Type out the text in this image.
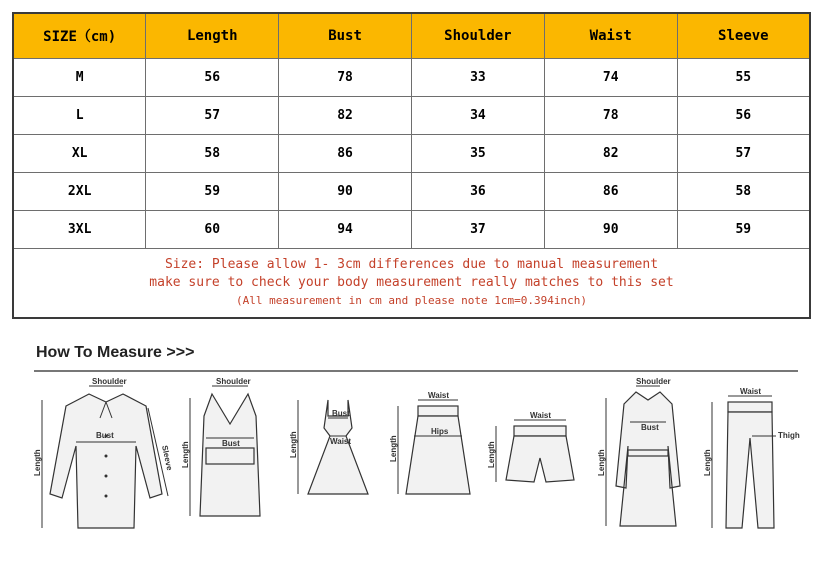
SIZE（cm)	Length	Bust	Shoulder	Waist	Sleeve
M	56	78	33	74	55
L	57	82	34	78	56
XL	58	86	35	82	57
2XL	59	90	36	86	58
3XL	60	94	37	90	59

Size: Please allow 1- 3cm differences due to manual measurement
make sure to check your body measurement really matches to this set
(All measurement in cm and please note 1cm=0.394inch)					
How To Measure >>>
Shoulder
Bust
Length	Sleeve
Shoulder
Bust
Length
Bust
Waist
Length
Waist
Hips
Length
Waist
Length
Shoulder
Bust
Length
Waist
Thigh
Length
